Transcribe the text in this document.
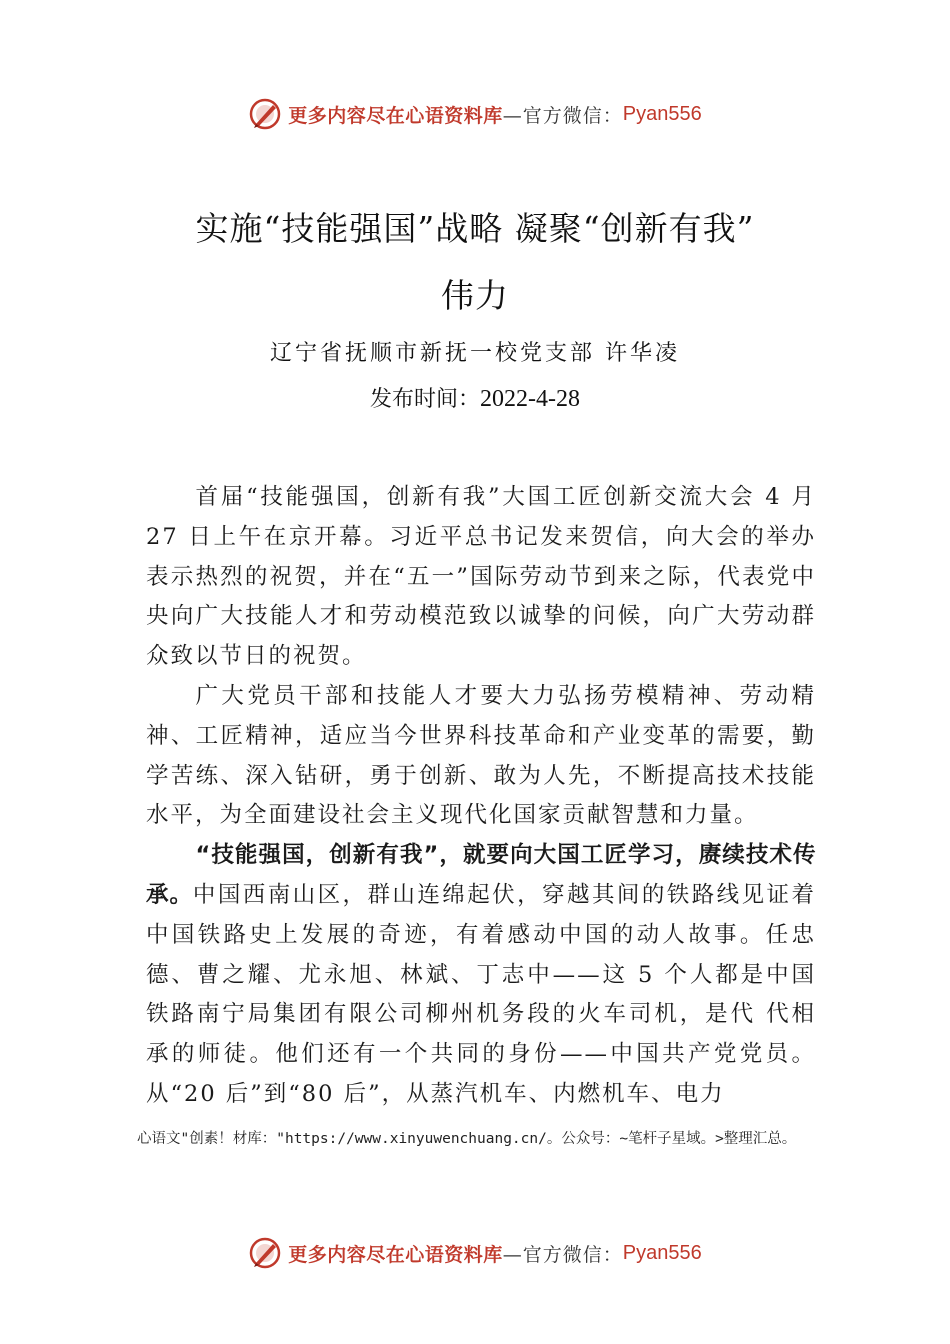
更多内容尽在心语资料库 —官方微信： Pyan556
实施“技能强国”战略 凝聚“创新有我”
伟力
辽宁省抚顺市新抚一校党支部 许华凌
发布时间：2022-4-28

首届“技能强国，创新有我”大国工匠创新交流大会 4 月 27 日上午在京开幕。习近平总书记发来贺信，向大会的举办表示热烈的祝贺，并在“五一”国际劳动节到来之际，代表党中央向广大技能人才和劳动模范致以诚挚的问候，向广大劳动群众致以节日的祝贺。

广大党员干部和技能人才要大力弘扬劳模精神、劳动精神、工匠精神，适应当今世界科技革命和产业变革的需要，勤学苦练、深入钻研，勇于创新、敢为人先，不断提高技术技能水平，为全面建设社会主义现代化国家贡献智慧和力量。

“技能强国，创新有我”，就要向大国工匠学习，赓续技术传承。中国西南山区，群山连绵起伏，穿越其间的铁路线见证着中国铁路史上发展的奇迹，有着感动中国的动人故事。任忠德、曹之耀、尤永旭、林斌、丁志中——这 5 个人都是中国铁路南宁局集团有限公司柳州机务段的火车司机，是代 代相承的师徒。他们还有一个共同的身份——中国共产党党员。从“20 后”到“80 后”，从蒸汽机车、内燃机车、电力

心语文"创素！材库："https://www.xinyuwenchuang.cn/。公众号：~笔杆子星域。>整理汇总。
更多内容尽在心语资料库 —官方微信： Pyan556
